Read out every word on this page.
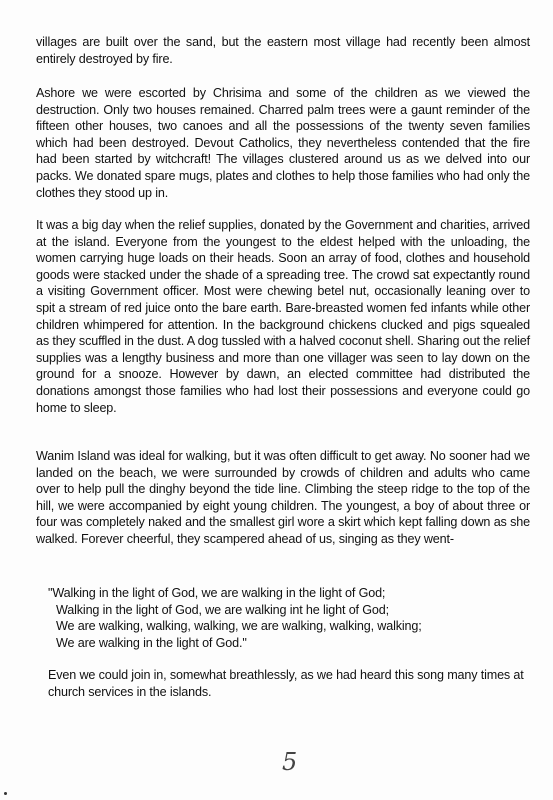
villages are built over the sand, but the eastern most village had recently been almost entirely destroyed by fire.

Ashore we were escorted by Chrisima and some of the children as we viewed the destruction. Only two houses remained. Charred palm trees were a gaunt reminder of the fifteen other houses, two canoes and all the possessions of the twenty seven families which had been destroyed. Devout Catholics, they nevertheless contended that the fire had been started by witchcraft! The villages clustered around us as we delved into our packs. We donated spare mugs, plates and clothes to help those families who had only the clothes they stood up in.

It was a big day when the relief supplies, donated by the Government and charities, arrived at the island. Everyone from the youngest to the eldest helped with the unloading, the women carrying huge loads on their heads. Soon an array of food, clothes and household goods were stacked under the shade of a spreading tree. The crowd sat expectantly round a visiting Government officer. Most were chewing betel nut, occasionally leaning over to spit a stream of red juice onto the bare earth. Bare-breasted women fed infants while other children whimpered for attention. In the background chickens clucked and pigs squealed as they scuffled in the dust. A dog tussled with a halved coconut shell. Sharing out the relief supplies was a lengthy business and more than one villager was seen to lay down on the ground for a snooze. However by dawn, an elected committee had distributed the donations amongst those families who had lost their possessions and everyone could go home to sleep.

Wanim Island was ideal for walking, but it was often difficult to get away. No sooner had we landed on the beach, we were surrounded by crowds of children and adults who came over to help pull the dinghy beyond the tide line. Climbing the steep ridge to the top of the hill, we were accompanied by eight young children. The youngest, a boy of about three or four was completely naked and the smallest girl wore a skirt which kept falling down as she walked. Forever cheerful, they scampered ahead of us, singing as they went-

"Walking in the light of God, we are walking in the light of God;
Walking in the light of God, we are walking int he light of God;
We are walking, walking, walking, we are walking, walking, walking;
We are walking in the light of God."

Even we could join in, somewhat breathlessly, as we had heard this song many times at church services in the islands.

5
